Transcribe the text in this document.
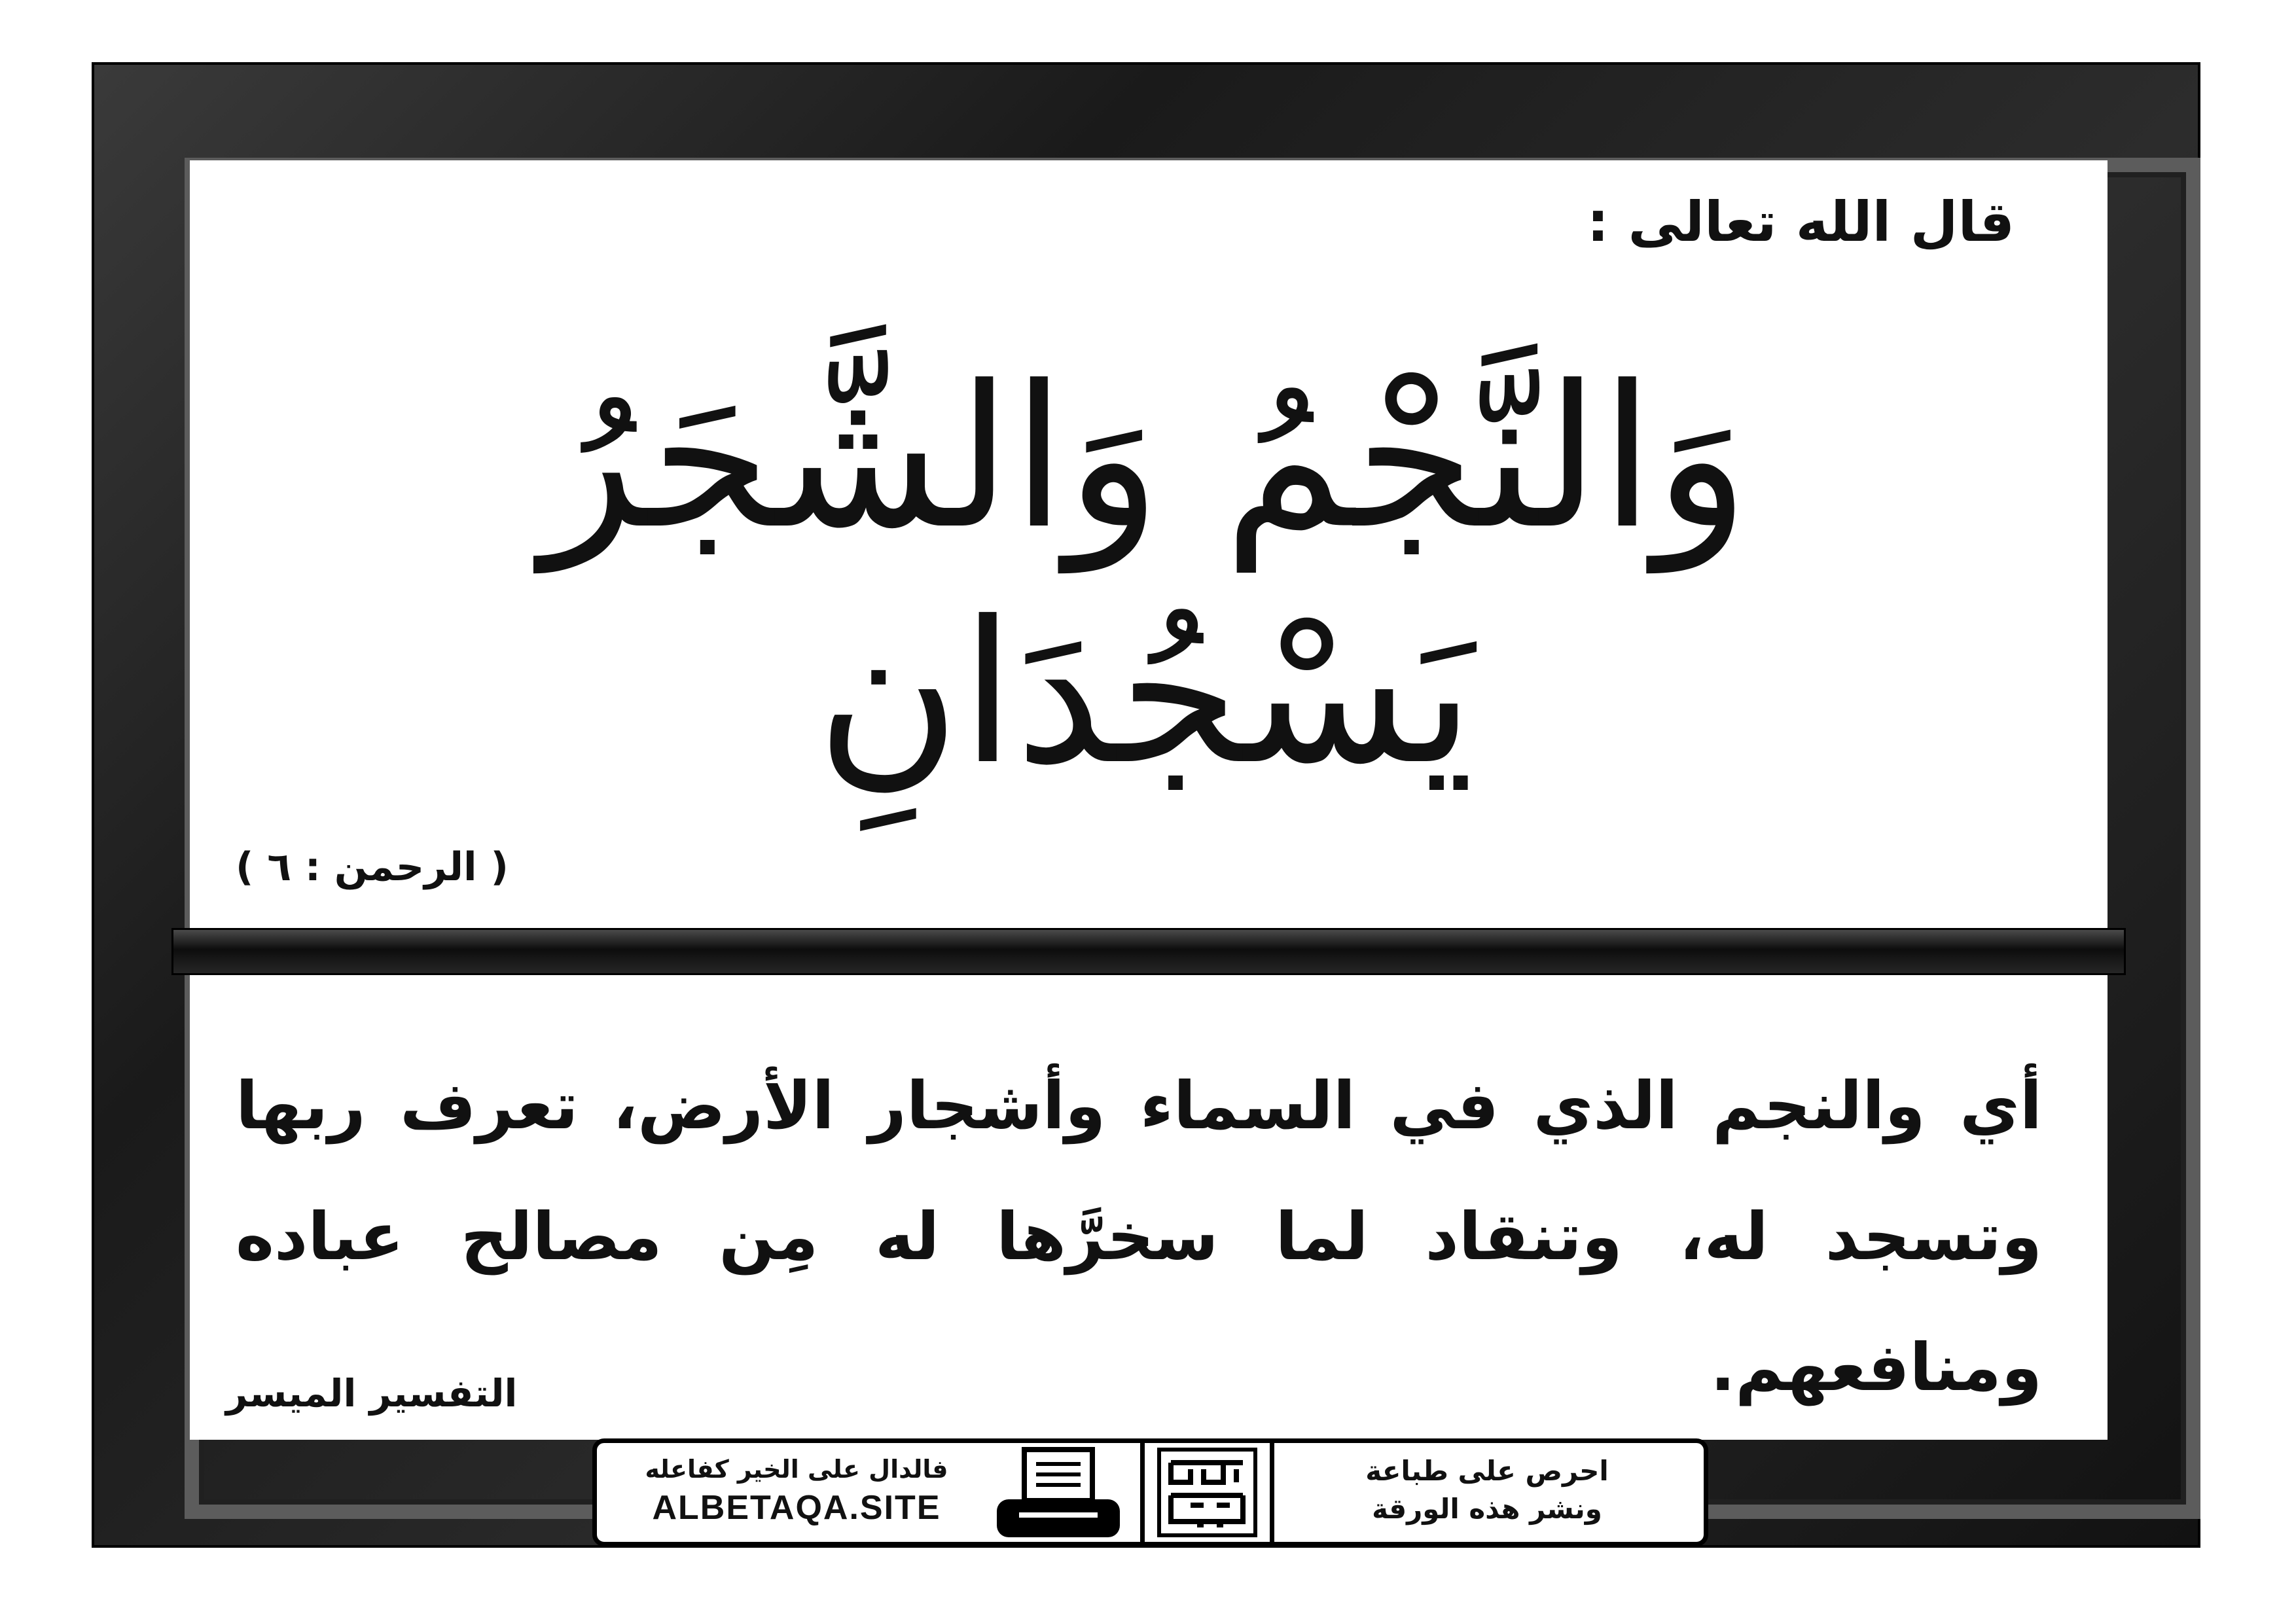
قال الله تعالى :
وَالنَّجْمُ وَالشَّجَرُ يَسْجُدَانِ
( الرحمن : ٦ )
أي والنجم الذي في السماء وأشجار الأرض، تعرف ربها وتسجد له، وتنقاد لما سخرَّها له مِن مصالح عباده ومنافعهم.
التفسير الميسر
فالدال على الخير كفاعله
ALBETAQA.SITE
احرص على طباعة
ونشر هذه الورقة
